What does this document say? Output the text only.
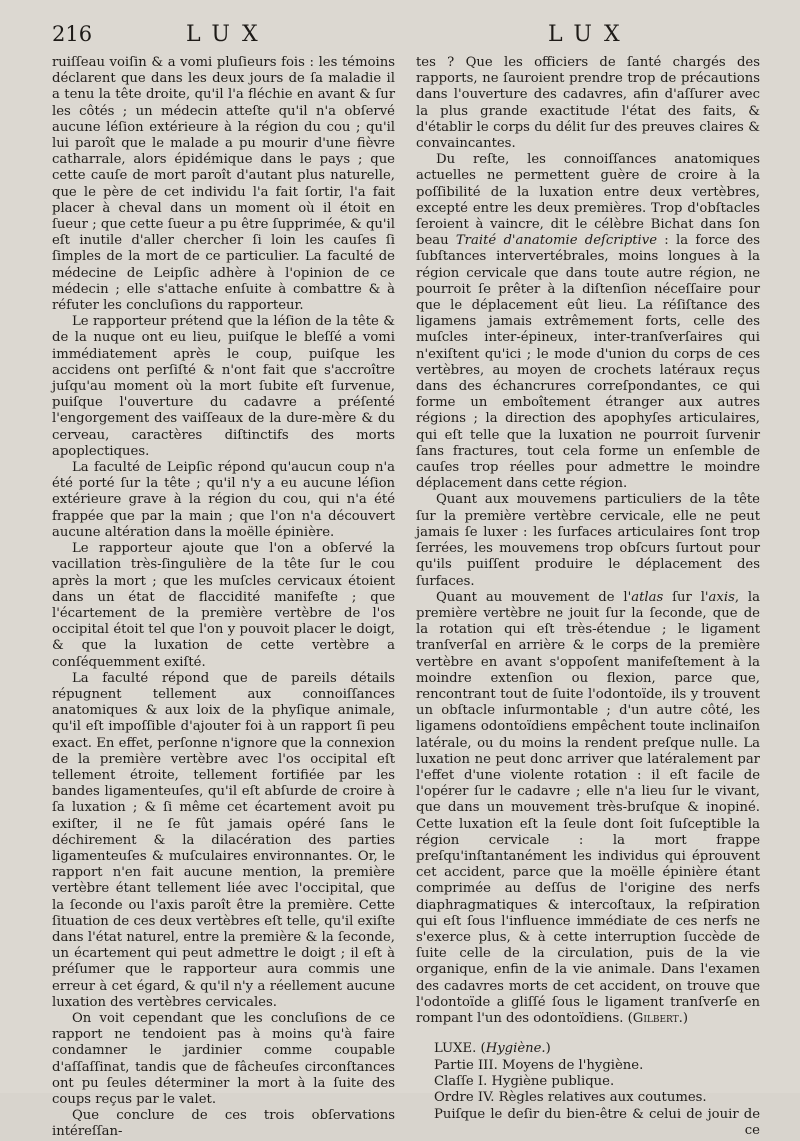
216	LUX	LUX

ruiſſeau voiſin & a vomi pluſieurs fois : les témoins déclarent que dans les deux jours de ſa maladie il a tenu la tête droite, qu'il l'a fléchie en avant & ſur les côtés ; un médecin atteſte qu'il n'a obſervé aucune léſion extérieure à la région du cou ; qu'il lui paroît que le malade a pu mourir d'une fièvre catharrale, alors épidémique dans le pays ; que cette cauſe de mort paroît d'autant plus naturelle, que le père de cet individu l'a fait ſortir, l'a fait placer à cheval dans un moment où il étoit en ſueur ; que cette ſueur a pu être ſupprimée, & qu'il eſt inutile d'aller chercher ſi loin les cauſes ſi ſimples de la mort de ce particulier. La faculté de médecine de Leipſic adhère à l'opinion de ce médecin ; elle s'attache enſuite à combattre & à réfuter les concluſions du rapporteur.

Le rapporteur prétend que la léſion de la tête & de la nuque ont eu lieu, puiſque le bleſſé a vomi immédiatement après le coup, puiſque les accidens ont perſiſté & n'ont fait que s'accroître juſqu'au moment où la mort ſubite eſt ſurvenue, puiſque l'ouverture du cadavre a préſenté l'engorgement des vaiſſeaux de la dure-mère & du cerveau, caractères diſtinctifs des morts apoplectiques.

La faculté de Leipſic répond qu'aucun coup n'a été porté ſur la tête ; qu'il n'y a eu aucune léſion extérieure grave à la région du cou, qui n'a été frappée que par la main ; que l'on n'a découvert aucune altération dans la moëlle épinière.

Le rapporteur ajoute que l'on a obſervé la vacillation très-ſingulière de la tête ſur le cou après la mort ; que les muſcles cervicaux étoient dans un état de flaccidité manifeſte ; que l'écartement de la première vertèbre de l'os occipital étoit tel que l'on y pouvoit placer le doigt, & que la luxation de cette vertèbre a conſéquemment exiſté.

La faculté répond que de pareils détails répugnent tellement aux connoiſſances anatomiques & aux loix de la phyſique animale, qu'il eſt impoſſible d'ajouter foi à un rapport ſi peu exact. En effet, perſonne n'ignore que la connexion de la première vertèbre avec l'os occipital eſt tellement étroite, tellement fortifiée par les bandes ligamenteuſes, qu'il eſt abſurde de croire à ſa luxation ; & ſi même cet écartement avoit pu exiſter, il ne ſe fût jamais opéré ſans le déchirement & la dilacération des parties ligamenteuſes & muſculaires environnantes. Or, le rapport n'en fait aucune mention, la première vertèbre étant tellement liée avec l'occipital, que la ſeconde ou l'axis paroît être la première. Cette ſituation de ces deux vertèbres eſt telle, qu'il exiſte dans l'état naturel, entre la première & la ſeconde, un écartement qui peut admettre le doigt ; il eſt à préſumer que le rapporteur aura commis une erreur à cet égard, & qu'il n'y a réellement aucune luxation des vertèbres cervicales.

On voit cependant que les concluſions de ce rapport ne tendoient pas à moins qu'à faire condamner le jardinier comme coupable d'aſſaſſinat, tandis que de fâcheuſes circonſtances ont pu ſeules déterminer la mort à la ſuite des coups reçus par le valet.

Que conclure de ces trois obſervations intéreſſan-

tes ? Que les officiers de ſanté chargés des rapports, ne ſauroient prendre trop de précautions dans l'ouverture des cadavres, afin d'aſſurer avec la plus grande exactitude l'état des faits, & d'établir le corps du délit ſur des preuves claires & convaincantes.

Du reſte, les connoiſſances anatomiques actuelles ne permettent guère de croire à la poſſibilité de la luxation entre deux vertèbres, excepté entre les deux premières. Trop d'obſtacles ſeroient à vaincre, dit le célèbre Bichat dans ſon beau Traité d'anatomie deſcriptive : la force des ſubſtances intervertébrales, moins longues à la région cervicale que dans toute autre région, ne pourroit ſe prêter à la diſtenſion néceſſaire pour que le déplacement eût lieu. La réſiſtance des ligamens jamais extrêmement forts, celle des muſcles inter-épineux, inter-tranſverſaires qui n'exiſtent qu'ici ; le mode d'union du corps de ces vertèbres, au moyen de crochets latéraux reçus dans des échancrures correſpondantes, ce qui forme un emboîtement étranger aux autres régions ; la direction des apophyſes articulaires, qui eſt telle que la luxation ne pourroit ſurvenir ſans fractures, tout cela forme un enſemble de cauſes trop réelles pour admettre le moindre déplacement dans cette région.

Quant aux mouvemens particuliers de la tête ſur la première vertèbre cervicale, elle ne peut jamais ſe luxer : les ſurfaces articulaires ſont trop ſerrées, les mouvemens trop obſcurs ſurtout pour qu'ils puiſſent produire le déplacement des ſurfaces.

Quant au mouvement de l'atlas ſur l'axis, la première vertèbre ne jouit ſur la ſeconde, que de la rotation qui eſt très-étendue ; le ligament tranſverſal en arrière & le corps de la première vertèbre en avant s'oppoſent manifeſtement à la moindre extenſion ou flexion, parce que, rencontrant tout de ſuite l'odontoïde, ils y trouvent un obſtacle inſurmontable ; d'un autre côté, les ligamens odontoïdiens empêchent toute inclinaiſon latérale, ou du moins la rendent preſque nulle. La luxation ne peut donc arriver que latéralement par l'effet d'une violente rotation : il eſt facile de l'opérer ſur le cadavre ; elle n'a lieu ſur le vivant, que dans un mouvement très-bruſque & inopiné. Cette luxation eſt la ſeule dont ſoit ſuſceptible la région cervicale : la mort frappe preſqu'inſtantanément les individus qui éprouvent cet accident, parce que la moëlle épinière étant comprimée au deſſus de l'origine des nerfs diaphragmatiques & intercoſtaux, la reſpiration qui eſt ſous l'influence immédiate de ces nerfs ne s'exerce plus, & à cette interruption ſuccède de ſuite celle de la circulation, puis de la vie organique, enfin de la vie animale. Dans l'examen des cadavres morts de cet accident, on trouve que l'odontoïde a gliſſé ſous le ligament tranſverſe en rompant l'un des odontoïdiens. (Gilbert.)

LUXE. (Hygiène.)
Partie III. Moyens de l'hygiène.
Claſſe I. Hygiène publique.
Ordre IV. Règles relatives aux coutumes.
Puiſque le deſir du bien-être & celui de jouir de
ce
